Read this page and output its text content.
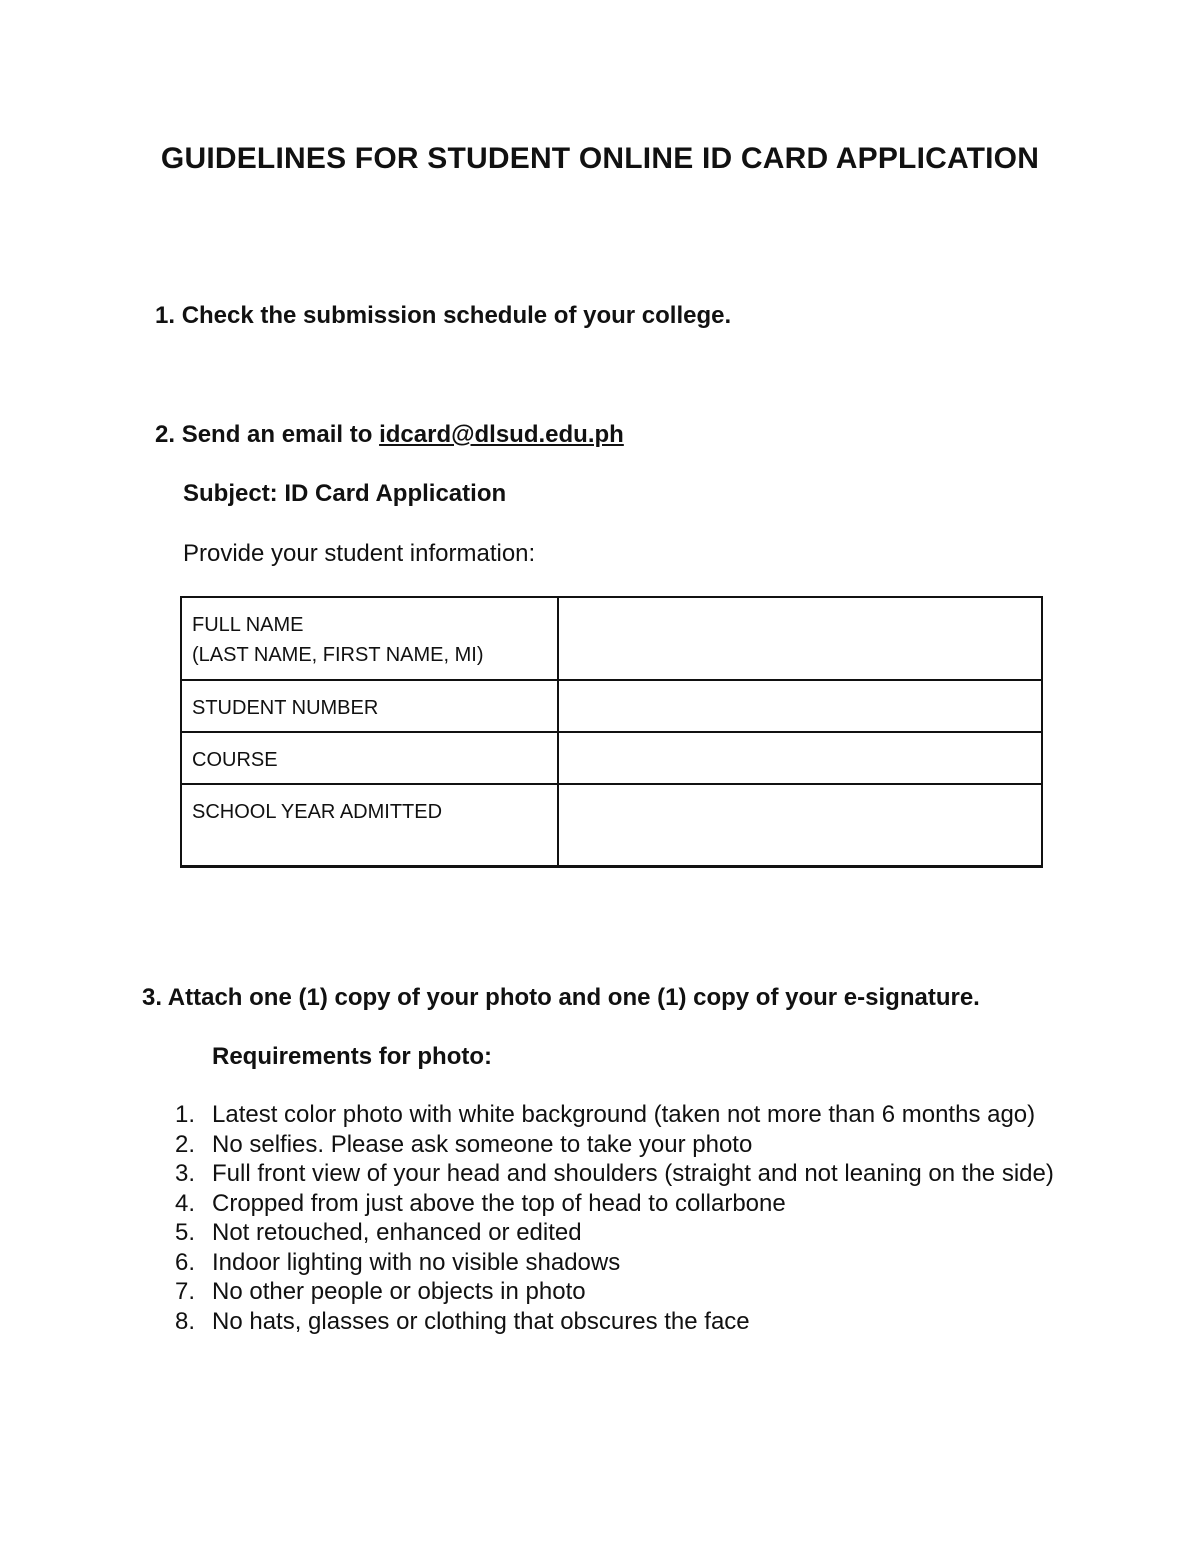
GUIDELINES FOR STUDENT ONLINE ID CARD APPLICATION
1. Check the submission schedule of your college.
2. Send an email to idcard@dlsud.edu.ph
Subject: ID Card Application
Provide your student information:
FULL NAME
(LAST NAME, FIRST NAME, MI)	

STUDENT NUMBER	
COURSE	
SCHOOL YEAR ADMITTED	
3. Attach one (1) copy of your photo and one (1) copy of your e-signature.
Requirements for photo:
1. Latest color photo with white background (taken not more than 6 months ago)
2. No selfies. Please ask someone to take your photo
3. Full front view of your head and shoulders (straight and not leaning on the side)
4. Cropped from just above the top of head to collarbone
5. Not retouched, enhanced or edited
6. Indoor lighting with no visible shadows
7. No other people or objects in photo
8. No hats, glasses or clothing that obscures the face
